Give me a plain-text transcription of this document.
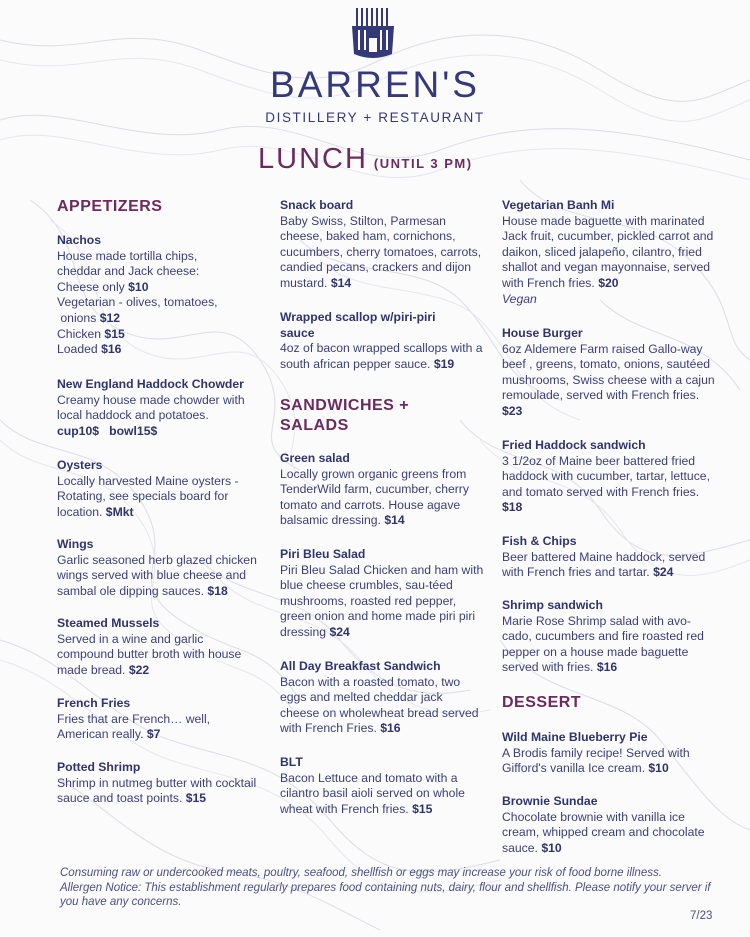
BARREN'S
DISTILLERY + RESTAURANT
LUNCH (UNTIL 3 PM)
APPETIZERS
Nachos
House made tortilla chips,
cheddar and Jack cheese:
Cheese only $10
Vegetarian - olives, tomatoes,
onions $12
Chicken $15
Loaded $16
New England Haddock Chowder
Creamy house made chowder with local haddock and potatoes.
cup10$   bowl15$
Oysters
Locally harvested Maine oysters - Rotating, see specials board for location. $Mkt
Wings
Garlic seasoned herb glazed chicken wings served with blue cheese and sambal ole dipping sauces. $18
Steamed Mussels
Served in a wine and garlic compound butter broth with house made bread. $22
French Fries
Fries that are French… well, American really. $7
Potted Shrimp
Shrimp in nutmeg butter with cocktail sauce and toast points. $15
Snack board
Baby Swiss, Stilton, Parmesan cheese, baked ham, cornichons, cucumbers, cherry tomatoes, carrots, candied pecans, crackers and dijon mustard. $14
Wrapped scallop w/piri-piri sauce
4oz of bacon wrapped scallops with a south african pepper sauce. $19
SANDWICHES + SALADS
Green salad
Locally grown organic greens from TenderWild farm, cucumber, cherry tomato and carrots. House agave balsamic dressing. $14
Piri Bleu Salad
Piri Bleu Salad Chicken and ham with blue cheese crumbles, sau-téed mushrooms, roasted red pepper, green onion and home made piri piri dressing $24
All Day Breakfast Sandwich
Bacon with a roasted tomato, two eggs and melted cheddar jack cheese on wholewheat bread served with French Fries. $16
BLT
Bacon Lettuce and tomato with a cilantro basil aioli served on whole wheat with French fries. $15
Vegetarian Banh Mi
House made baguette with marinated Jack fruit, cucumber, pickled carrot and daikon, sliced jalapeño, cilantro, fried shallot and vegan mayonnaise, served with French fries. $20
Vegan
House Burger
6oz Aldemere Farm raised Gallo-way beef , greens, tomato, onions, sautéed mushrooms, Swiss cheese with a cajun remoulade, served with French fries. $23
Fried Haddock sandwich
3 1/2oz of Maine beer battered fried haddock with cucumber, tartar, lettuce, and tomato served with French fries. $18
Fish & Chips
Beer battered Maine haddock, served with French fries and tartar. $24
Shrimp sandwich
Marie Rose Shrimp salad with avo-cado, cucumbers and fire roasted red pepper on a house made baguette served with fries. $16
DESSERT
Wild Maine Blueberry Pie
A Brodis family recipe! Served with Gifford's vanilla Ice cream. $10
Brownie Sundae
Chocolate brownie with vanilla ice cream, whipped cream and chocolate sauce. $10
Consuming raw or undercooked meats, poultry, seafood, shellfish or eggs may increase your risk of food borne illness.
Allergen Notice: This establishment regularly prepares food containing nuts, dairy, flour and shellfish. Please notify your server if you have any concerns.
7/23
